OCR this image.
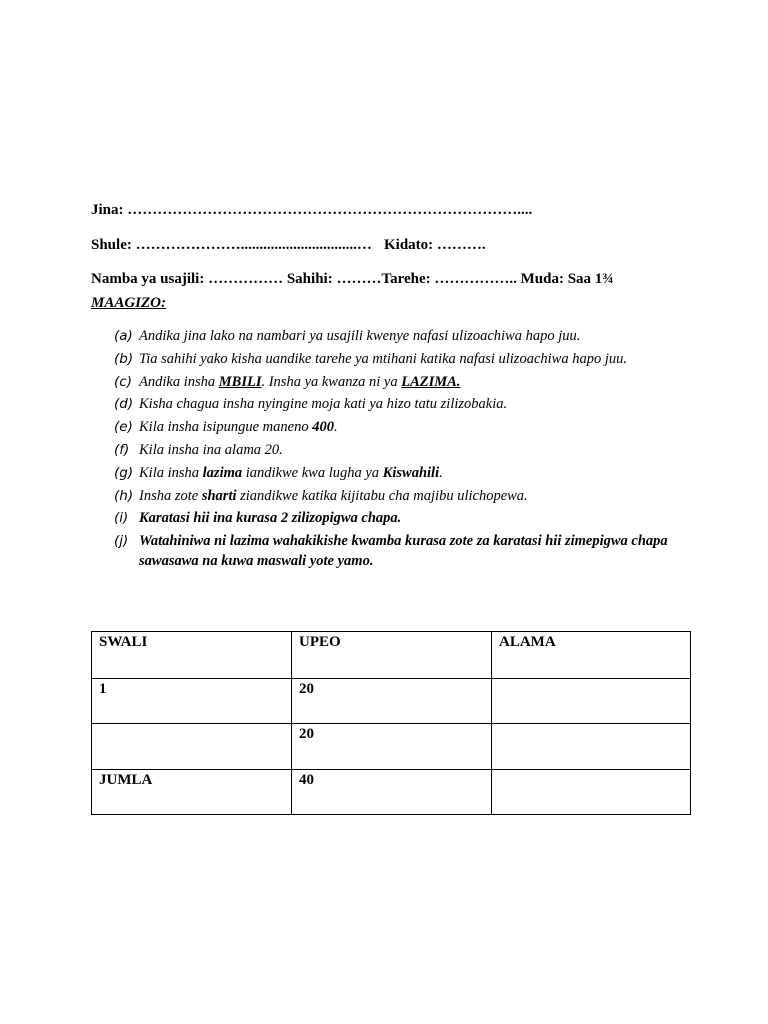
Jina: ……………………………………………………………………....
Shule: …………………...............................… Kidato: ……….
Namba ya usajili: …………… Sahihi: ………Tarehe: …………….. Muda: Saa 1¾
MAAGIZO:
(a) Andika jina lako na nambari ya usajili kwenye nafasi ulizoachiwa hapo juu.
(b) Tia sahihi yako kisha uandike tarehe ya mtihani katika nafasi ulizoachiwa hapo juu.
(c) Andika insha MBILI. Insha ya kwanza ni ya LAZIMA.
(d) Kisha chagua insha nyingine moja kati ya hizo tatu zilizobakia.
(e) Kila insha isipungue maneno 400.
(f) Kila insha ina alama 20.
(g) Kila insha lazima iandikwe kwa lugha ya Kiswahili.
(h) Insha zote sharti ziandikwe katika kijitabu cha majibu ulichopewa.
(i) Karatasi hii ina kurasa 2 zilizopigwa chapa.
(j) Watahiniwa ni lazima wahakikishe kwamba kurasa zote za karatasi hii zimepigwa chapa sawasawa na kuwa maswali yote yamo.
SWALI	UPEO	ALAMA
1	20	
	20	
JUMLA	40	
